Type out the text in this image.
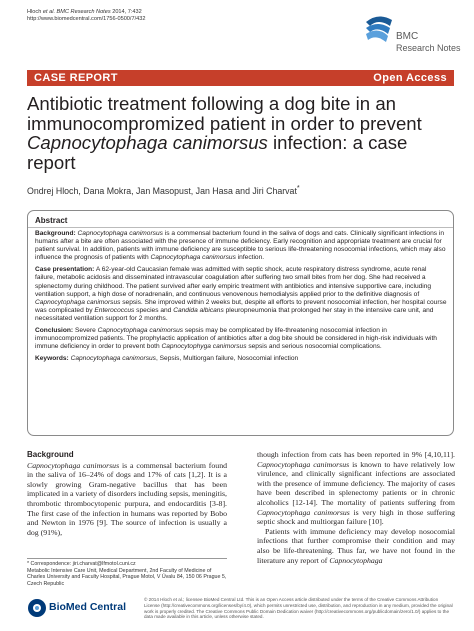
Hloch et al. BMC Research Notes 2014, 7:432
http://www.biomedcentral.com/1756-0500/7/432
BMC
Research Notes
CASE REPORT	Open Access
Antibiotic treatment following a dog bite in an immunocompromized patient in order to prevent Capnocytophaga canimorsus infection: a case report
Ondrej Hloch, Dana Mokra, Jan Masopust, Jan Hasa and Jiri Charvat*
Abstract

Background: Capnocytophaga canimorsus is a commensal bacterium found in the saliva of dogs and cats. Clinically significant infections in humans after a bite are often associated with the presence of immune deficiency. Early recognition and appropriate treatment are crucial for patient survival. In addition, patients with immune deficiency are susceptible to serious life-threatening nosocomial infections, which may also influence the prognosis of patients with Capnocytophaga canimorsus infection.

Case presentation: A 62-year-old Caucasian female was admitted with septic shock, acute respiratory distress syndrome, acute renal failure, metabolic acidosis and disseminated intravascular coagulation after suffering two small bites from her dog. She had received a splenectomy during childhood. The patient survived after early empiric treatment with antibiotics and intensive supportive care, including ventilation support, a high dose of noradrenalin, and continuous venovenous hemodialysis applied prior to the definitive diagnosis of Capnocytophaga canimorsus sepsis. She improved within 2 weeks but, despite all efforts to prevent nosocomial infection, her hospital course was complicated by Enterococcus species and Candida albicans pleuropneumonia that prolonged her stay in the intensive care unit, and necessitated ventilation support for 2 months.

Conclusion: Severe Capnocytophaga canimorsus sepsis may be complicated by life-threatening nosocomial infection in immunocompromized patients. The prophylactic application of antibiotics after a dog bite should be considered in high-risk individuals with immune deficiency in order to prevent both Capnocytophyga canimorsus sepsis and serious nosocomial complications.

Keywords: Capnocytophaga canimorsus, Sepsis, Multiorgan failure, Nosocomial infection

Background

Capnocytophaga canimorsus is a commensal bacterium found in the saliva of 16–24% of dogs and 17% of cats [1,2]. It is a slowly growing Gram-negative bacillus that has been implicated in a variety of disorders including sepsis, meningitis, thrombotic thrombocytopenic purpura, and endocarditis [3-8]. The first case of the infection in humans was reported by Bobo and Newton in 1976 [9]. The source of infection is usually a dog (91%),

though infection from cats has been reported in 9% [4,10,11]. Capnocytophaga canimorsus is known to have relatively low virulence, and clinically significant infections are associated with the presence of immune deficiency. The majority of cases have been described in splenectomy patients or in chronic alcoholics [12-14]. The mortality of patients suffering from Capnocytophaga canimorsus is very high in those suffering septic shock and multiorgan failure [10].

Patients with immune deficiency may develop nosocomial infections that further compromise their condition and may also be life-threatening. Thus far, we have not found in the literature any report of Capnocytophaga

* Correspondence: jiri.charvat@lfmotol.cuni.cz
Metabolic Intensive Care Unit, Medical Department, 2nd Faculty of Medicine of Charles University and Faculty Hospital, Prague Motol, V Úvalu 84, 150 06 Prague 5, Czech Republic
BioMed Central
© 2014 Hloch et al.; licensee BioMed Central Ltd. This is an Open Access article distributed under the terms of the Creative Commons Attribution License (http://creativecommons.org/licenses/by/4.0), which permits unrestricted use, distribution, and reproduction in any medium, provided the original work is properly credited. The Creative Commons Public Domain Dedication waiver (http://creativecommons.org/publicdomain/zero/1.0/) applies to the data made available in this article, unless otherwise stated.
